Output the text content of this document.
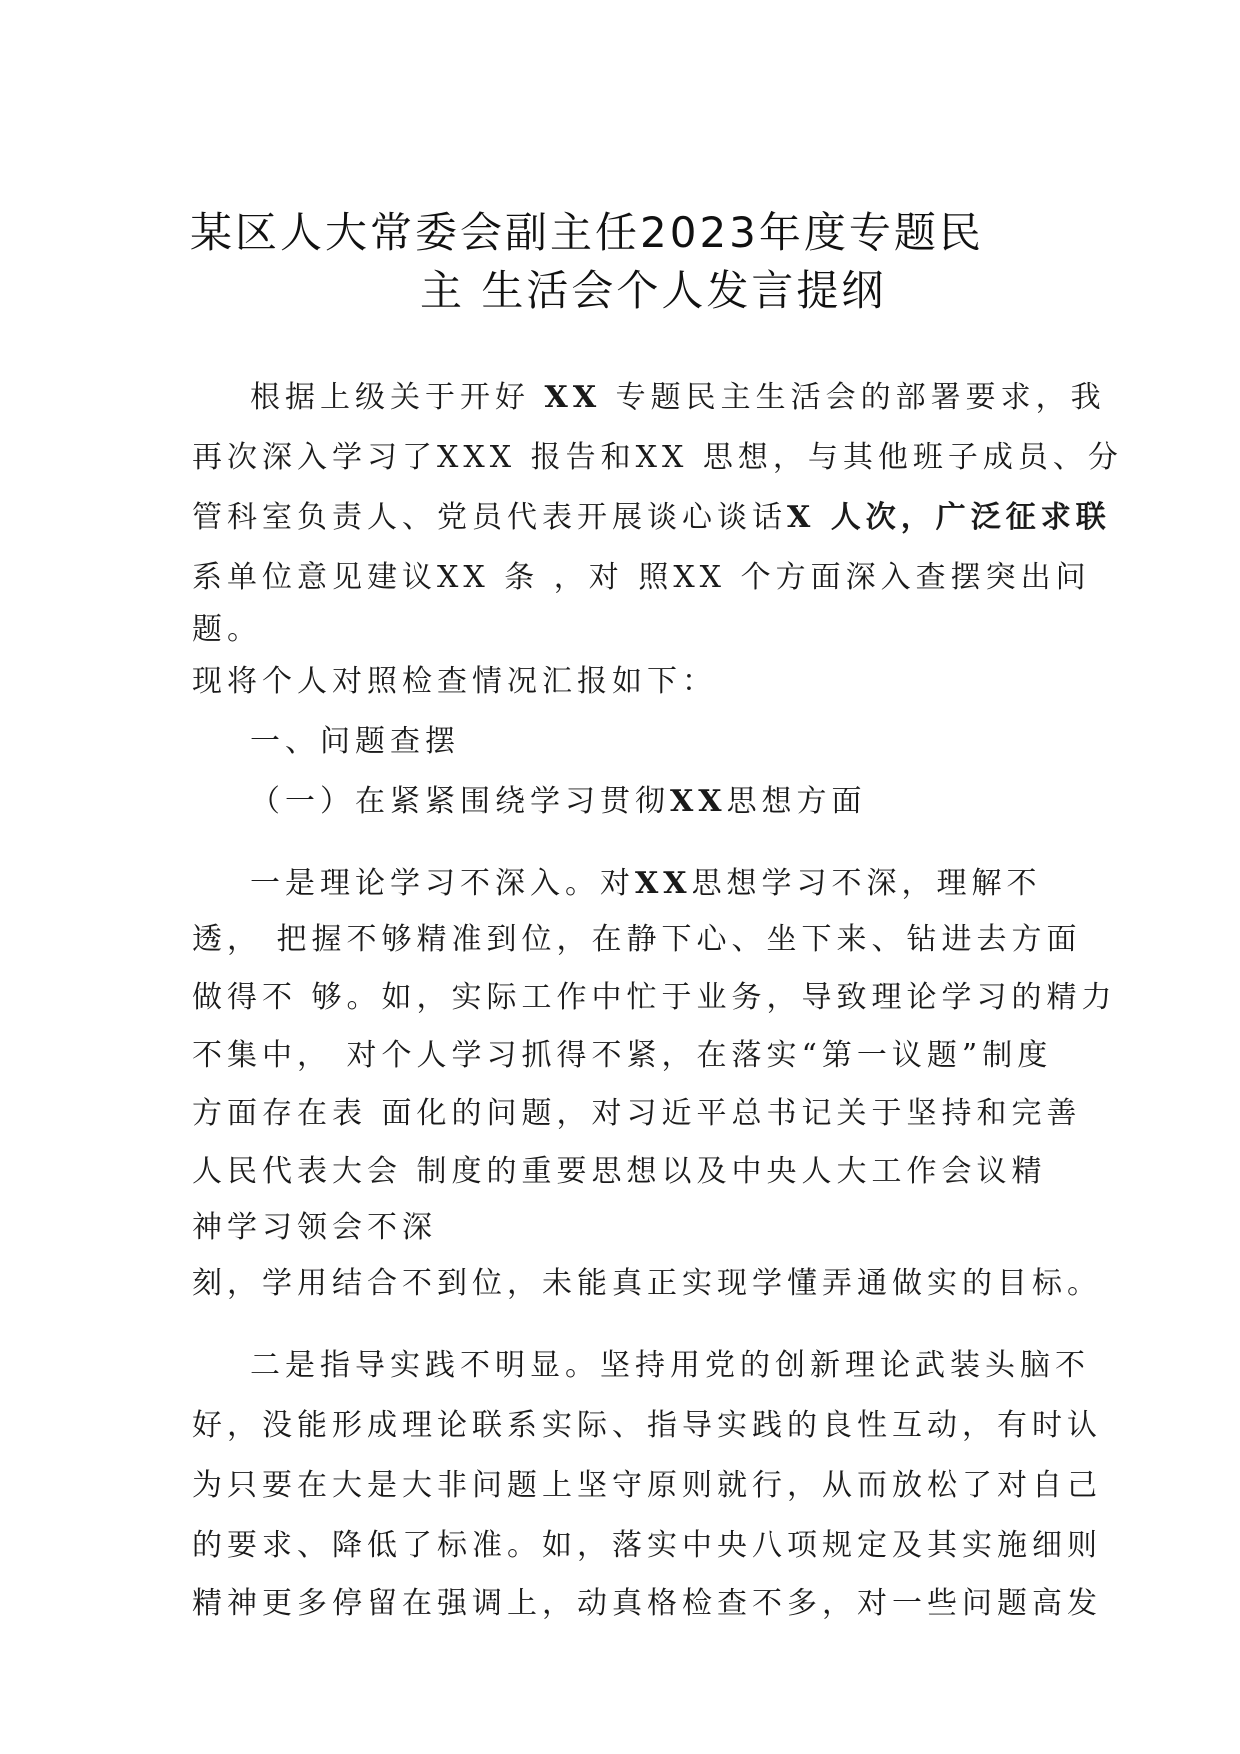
某区人大常委会副主任2023年度专题民
主 生活会个人发言提纲
根据上级关于开好 XX 专题民主生活会的部署要求，我
再次深入学习了XXX 报告和XX 思想，与其他班子成员、分
管科室负责人、党员代表开展谈心谈话X 人次，广泛征求联
系单位意见建议XX 条 ，对 照XX 个方面深入查摆突出问
题。
现将个人对照检查情况汇报如下：
一、问题查摆
（一）在紧紧围绕学习贯彻XX思想方面
一是理论学习不深入。对XX思想学习不深，理解不
透， 把握不够精准到位，在静下心、坐下来、钻进去方面
做得不 够。如，实际工作中忙于业务，导致理论学习的精力
不集中， 对个人学习抓得不紧，在落实“第一议题”制度
方面存在表 面化的问题，对习近平总书记关于坚持和完善
人民代表大会 制度的重要思想以及中央人大工作会议精
神学习领会不深
刻，学用结合不到位，未能真正实现学懂弄通做实的目标。
二是指导实践不明显。坚持用党的创新理论武装头脑不
好，没能形成理论联系实际、指导实践的良性互动，有时认
为只要在大是大非问题上坚守原则就行，从而放松了对自己
的要求、降低了标准。如，落实中央八项规定及其实施细则
精神更多停留在强调上，动真格检查不多，对一些问题高发
